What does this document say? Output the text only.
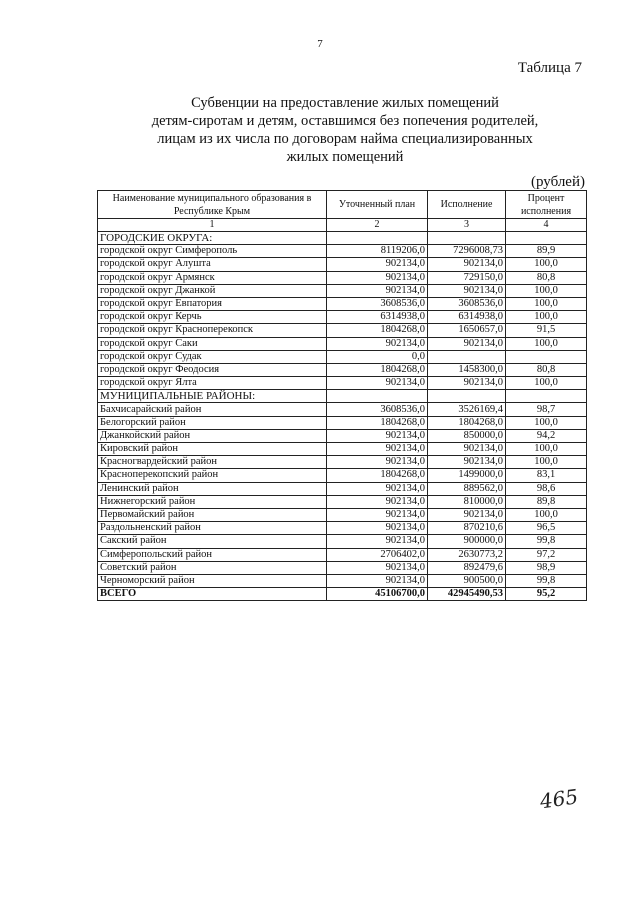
7
Таблица 7
Субвенции на предоставление жилых помещений
детям-сиротам и детям, оставшимся без попечения родителей,
лицам из их числа по договорам найма специализированных
жилых помещений
(рублей)
Наименование муниципального образования в Республике Крым	Уточненный план	Исполнение	Процент исполнения
1	2	3	4
ГОРОДСКИЕ ОКРУГА:			
городской округ Симферополь	8119206,0	7296008,73	89,9
городской округ Алушта	902134,0	902134,0	100,0
городской округ Армянск	902134,0	729150,0	80,8
городской округ Джанкой	902134,0	902134,0	100,0
городской округ Евпатория	3608536,0	3608536,0	100,0
городской округ Керчь	6314938,0	6314938,0	100,0
городской округ Красноперекопск	1804268,0	1650657,0	91,5
городской округ Саки	902134,0	902134,0	100,0
городской округ Судак	0,0		
городской округ Феодосия	1804268,0	1458300,0	80,8
городской округ Ялта	902134,0	902134,0	100,0
МУНИЦИПАЛЬНЫЕ РАЙОНЫ:			
Бахчисарайский район	3608536,0	3526169,4	98,7
Белогорский район	1804268,0	1804268,0	100,0
Джанкойский район	902134,0	850000,0	94,2
Кировский район	902134,0	902134,0	100,0
Красногвардейский район	902134,0	902134,0	100,0
Красноперекопский район	1804268,0	1499000,0	83,1
Ленинский район	902134,0	889562,0	98,6
Нижнегорский район	902134,0	810000,0	89,8
Первомайский район	902134,0	902134,0	100,0
Раздольненский район	902134,0	870210,6	96,5
Сакский район	902134,0	900000,0	99,8
Симферопольский район	2706402,0	2630773,2	97,2
Советский район	902134,0	892479,6	98,9
Черноморский район	902134,0	900500,0	99,8
ВСЕГО	45106700,0	42945490,53	95,2
465
